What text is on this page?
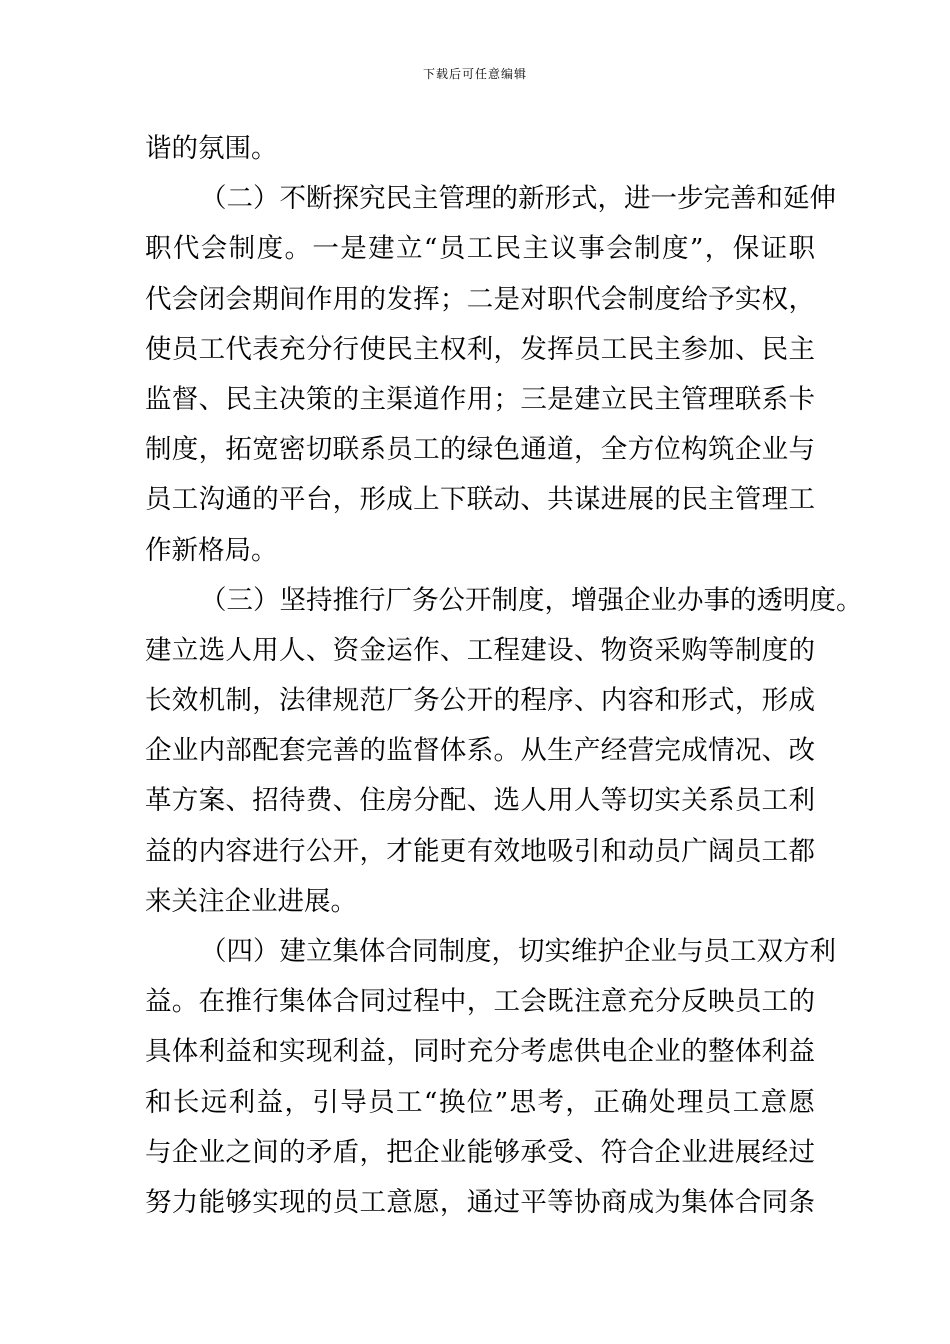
下载后可任意编辑
谐的氛围。
（二）不断探究民主管理的新形式，进一步完善和延伸
职代会制度。一是建立“员工民主议事会制度”，保证职
代会闭会期间作用的发挥；二是对职代会制度给予实权，
使员工代表充分行使民主权利，发挥员工民主参加、民主
监督、民主决策的主渠道作用；三是建立民主管理联系卡
制度，拓宽密切联系员工的绿色通道，全方位构筑企业与
员工沟通的平台，形成上下联动、共谋进展的民主管理工
作新格局。
（三）坚持推行厂务公开制度，增强企业办事的透明度。
建立选人用人、资金运作、工程建设、物资采购等制度的
长效机制，法律规范厂务公开的程序、内容和形式，形成
企业内部配套完善的监督体系。从生产经营完成情况、改
革方案、招待费、住房分配、选人用人等切实关系员工利
益的内容进行公开，才能更有效地吸引和动员广阔员工都
来关注企业进展。
（四）建立集体合同制度，切实维护企业与员工双方利
益。在推行集体合同过程中，工会既注意充分反映员工的
具体利益和实现利益，同时充分考虑供电企业的整体利益
和长远利益，引导员工“换位”思考，正确处理员工意愿
与企业之间的矛盾，把企业能够承受、符合企业进展经过
努力能够实现的员工意愿，通过平等协商成为集体合同条
